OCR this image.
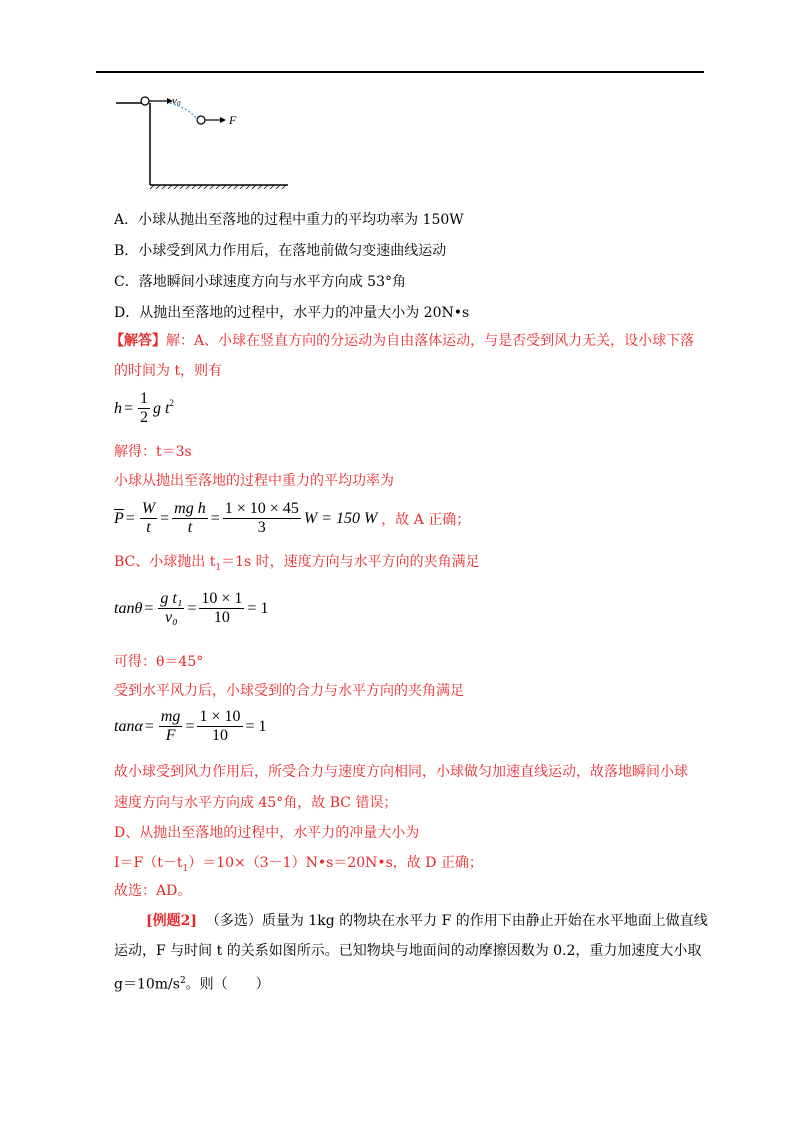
v0
F
A．小球从抛出至落地的过程中重力的平均功率为 150W
B．小球受到风力作用后，在落地前做匀变速曲线运动
C．落地瞬间小球速度方向与水平方向成 53°角
D．从抛出至落地的过程中，水平力的冲量大小为 20N•s
【解答】解：A、小球在竖直方向的分运动为自由落体运动，与是否受到风力无关，设小球下落
的时间为 t，则有
$h = \frac{1}{2}$ g $t^2$
解得：t＝3s
小球从抛出至落地的过程中重力的平均功率为
$\overline{P} = \frac{W}{t} = \frac{\text{mg h}}{t} = \frac{1 \times 10 \times 45}{3}$ W = 150 W ，故 A 正确；
BC、小球抛出 $t_1=1s$ 时，速度方向与水平方向的夹角满足
$\tan\theta = \frac{\text{g t₁}}{\text{v₀}} = \frac{10 \times 1}{10} = 1$
可得：θ＝45°
受到水平风力后，小球受到的合力与水平方向的夹角满足
$\tan\alpha = \frac{mg}{F} = \frac{1 \times 10}{10} = 1$
故小球受到风力作用后，所受合力与速度方向相同，小球做匀加速直线运动，故落地瞬间小球
速度方向与水平方向成 45°角，故 BC 错误；
D、从抛出至落地的过程中，水平力的冲量大小为
$I=F(t-t_1)=10\times(3-1)N•s=20N•s$，故 D 正确；
故选：AD。
[例题2] （多选）质量为 1kg 的物块在水平力 F 的作用下由静止开始在水平地面上做直线
运动，F 与时间 t 的关系如图所示。已知物块与地面间的动摩擦因数为 0.2，重力加速度大小取
$g=10m/s^2$。则（　　）
